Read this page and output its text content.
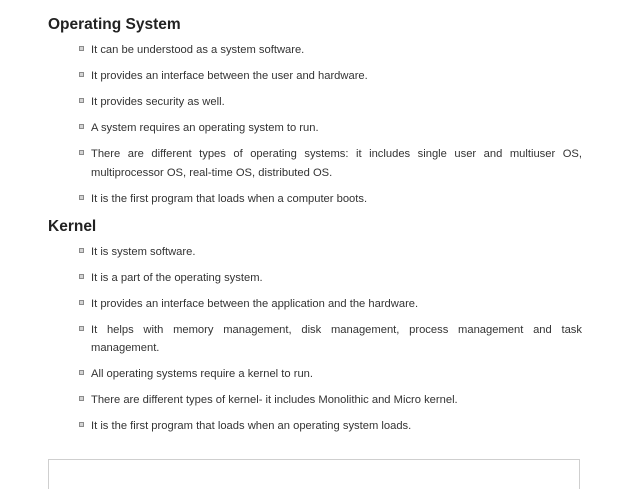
Operating System
It can be understood as a system software.
It provides an interface between the user and hardware.
It provides security as well.
A system requires an operating system to run.
There are different types of operating systems: it includes single user and multiuser OS, multiprocessor OS, real-time OS, distributed OS.
It is the first program that loads when a computer boots.
Kernel
It is system software.
It is a part of the operating system.
It provides an interface between the application and the hardware.
It helps with memory management, disk management, process management and task management.
All operating systems require a kernel to run.
There are different types of kernel- it includes Monolithic and Micro kernel.
It is the first program that loads when an operating system loads.
